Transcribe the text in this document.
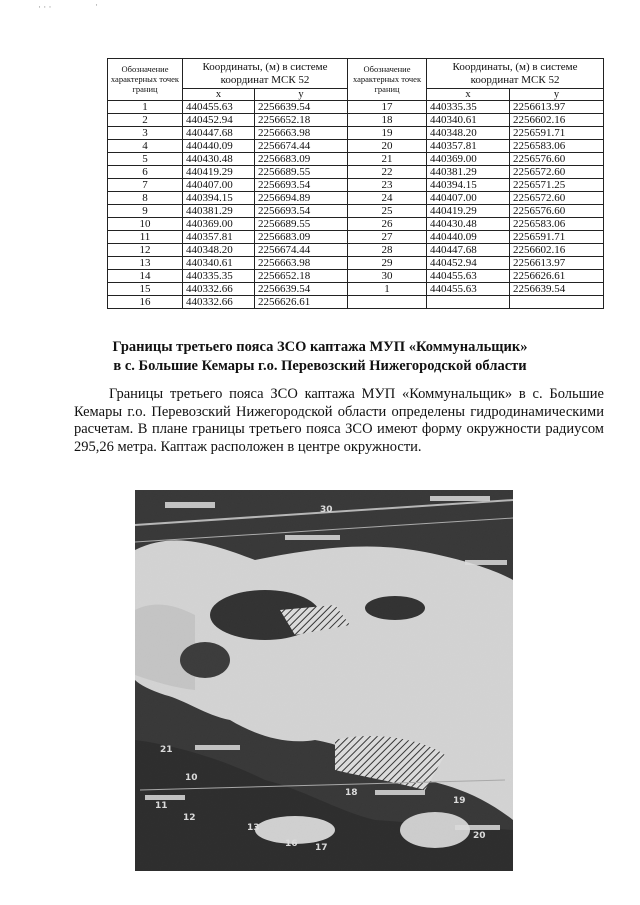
· · ·	·
Обозначение характерных точек границ	Координаты, (м) в системе координат МСК 52		Обозначение характерных точек границ	Координаты, (м) в системе координат МСК 52	
	x	y		x	y
1	440455.63	2256639.54	17	440335.35	2256613.97
2	440452.94	2256652.18	18	440340.61	2256602.16
3	440447.68	2256663.98	19	440348.20	2256591.71
4	440440.09	2256674.44	20	440357.81	2256583.06
5	440430.48	2256683.09	21	440369.00	2256576.60
6	440419.29	2256689.55	22	440381.29	2256572.60
7	440407.00	2256693.54	23	440394.15	2256571.25
8	440394.15	2256694.89	24	440407.00	2256572.60
9	440381.29	2256693.54	25	440419.29	2256576.60
10	440369.00	2256689.55	26	440430.48	2256583.06
11	440357.81	2256683.09	27	440440.09	2256591.71
12	440348.20	2256674.44	28	440447.68	2256602.16
13	440340.61	2256663.98	29	440452.94	2256613.97
14	440335.35	2256652.18	30	440455.63	2256626.61
15	440332.66	2256639.54	1	440455.63	2256639.54
16	440332.66	2256626.61			
Границы третьего пояса ЗСО каптажа МУП «Коммунальщик»
в с. Большие Кемары г.о. Перевозский Нижегородской области

Границы третьего пояса ЗСО каптажа МУП «Коммунальщик» в с. Большие Кемары г.о. Перевозский Нижегородской области определены гидродинамическими расчетам. В плане границы третьего пояса ЗСО имеют форму окружности радиусом 295,26 метра. Каптаж расположен в центре окружности.

30
21
10
11
12
13
16 17
18
19
20
